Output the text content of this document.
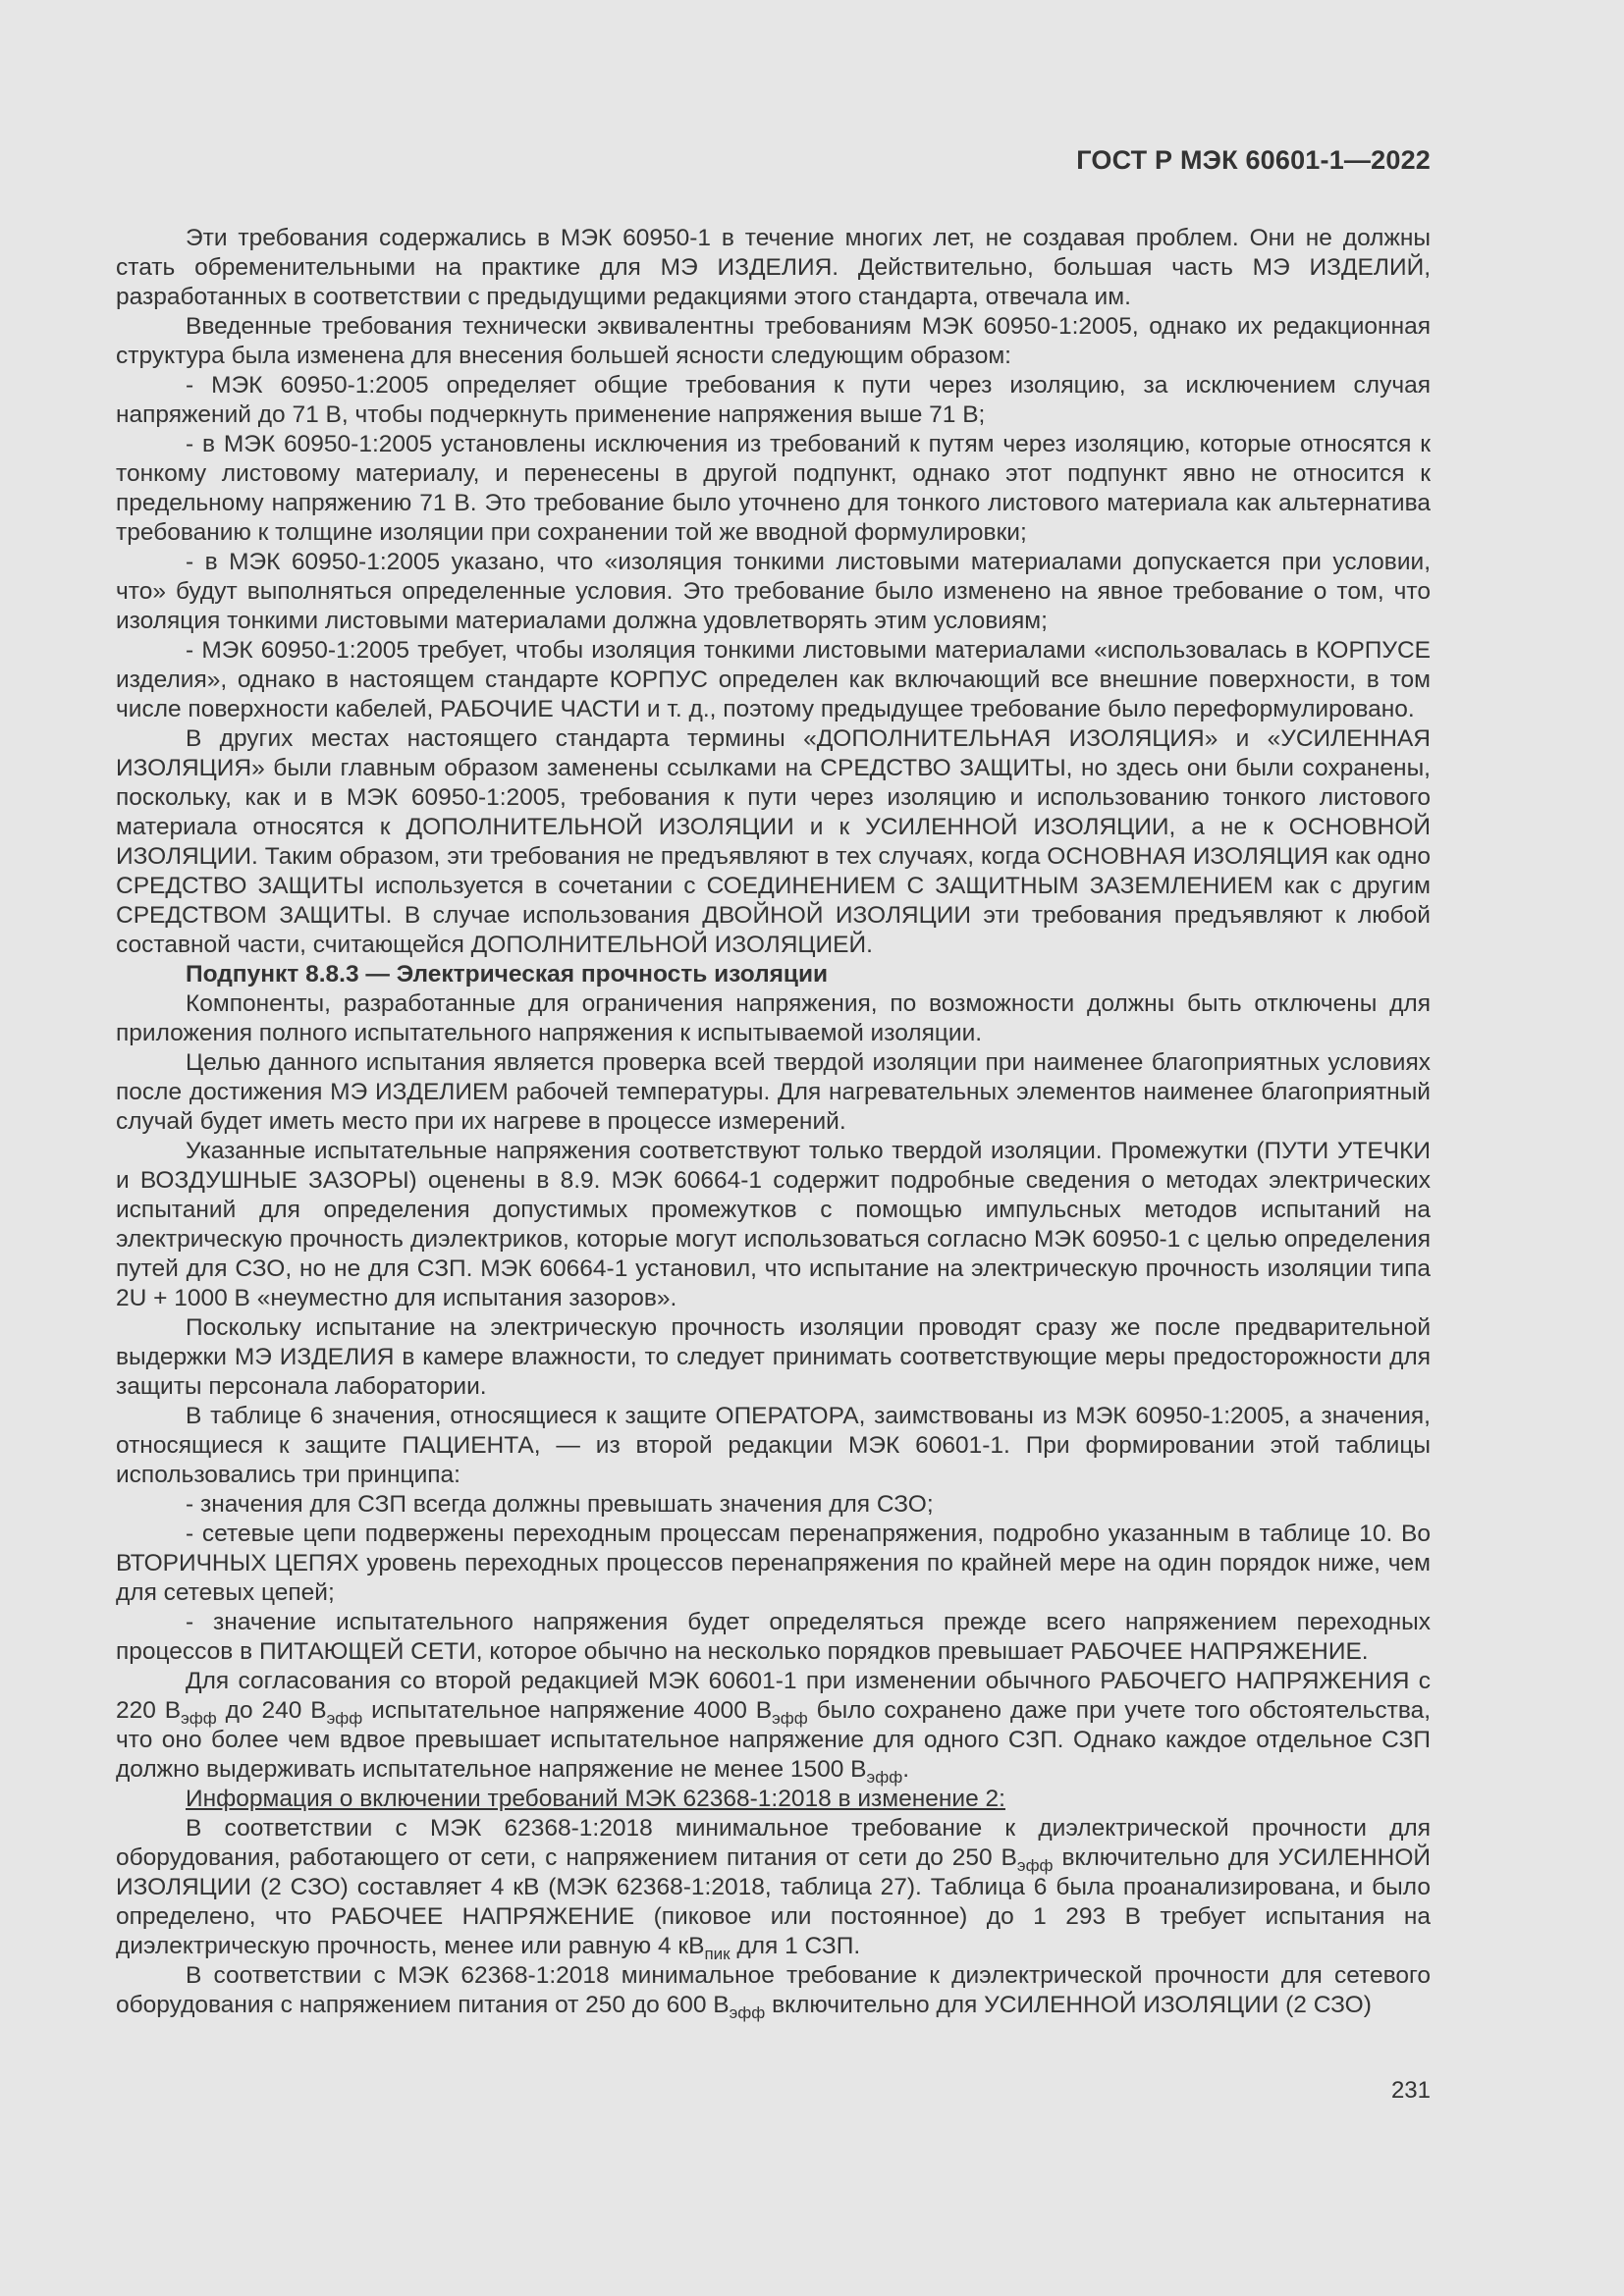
ГОСТ Р МЭК 60601-1—2022

Эти требования содержались в МЭК 60950-1 в течение многих лет, не создавая проблем. Они не должны стать обременительными на практике для МЭ ИЗДЕЛИЯ. Действительно, большая часть МЭ ИЗДЕЛИЙ, разработанных в соответствии с предыдущими редакциями этого стандарта, отвечала им.

Введенные требования технически эквивалентны требованиям МЭК 60950-1:2005, однако их редакционная структура была изменена для внесения большей ясности следующим образом:

- МЭК 60950-1:2005 определяет общие требования к пути через изоляцию, за исключением случая напряжений до 71 В, чтобы подчеркнуть применение напряжения выше 71 В;

- в МЭК 60950-1:2005 установлены исключения из требований к путям через изоляцию, которые относятся к тонкому листовому материалу, и перенесены в другой подпункт, однако этот подпункт явно не относится к предельному напряжению 71 В. Это требование было уточнено для тонкого листового материала как альтернатива требованию к толщине изоляции при сохранении той же вводной формулировки;

- в МЭК 60950-1:2005 указано, что «изоляция тонкими листовыми материалами допускается при условии, что» будут выполняться определенные условия. Это требование было изменено на явное требование о том, что изоляция тонкими листовыми материалами должна удовлетворять этим условиям;

- МЭК 60950-1:2005 требует, чтобы изоляция тонкими листовыми материалами «использовалась в КОРПУСЕ изделия», однако в настоящем стандарте КОРПУС определен как включающий все внешние поверхности, в том числе поверхности кабелей, РАБОЧИЕ ЧАСТИ и т. д., поэтому предыдущее требование было переформулировано.

В других местах настоящего стандарта термины «ДОПОЛНИТЕЛЬНАЯ ИЗОЛЯЦИЯ» и «УСИЛЕННАЯ ИЗОЛЯЦИЯ» были главным образом заменены ссылками на СРЕДСТВО ЗАЩИТЫ, но здесь они были сохранены, поскольку, как и в МЭК 60950-1:2005, требования к пути через изоляцию и использованию тонкого листового материала относятся к ДОПОЛНИТЕЛЬНОЙ ИЗОЛЯЦИИ и к УСИЛЕННОЙ ИЗОЛЯЦИИ, а не к ОСНОВНОЙ ИЗОЛЯЦИИ. Таким образом, эти требования не предъявляют в тех случаях, когда ОСНОВНАЯ ИЗОЛЯЦИЯ как одно СРЕДСТВО ЗАЩИТЫ используется в сочетании с СОЕДИНЕНИЕМ С ЗАЩИТНЫМ ЗАЗЕМЛЕНИЕМ как с другим СРЕДСТВОМ ЗАЩИТЫ. В случае использования ДВОЙНОЙ ИЗОЛЯЦИИ эти требования предъявляют к любой составной части, считающейся ДОПОЛНИТЕЛЬНОЙ ИЗОЛЯЦИЕЙ.

Подпункт 8.8.3 — Электрическая прочность изоляции

Компоненты, разработанные для ограничения напряжения, по возможности должны быть отключены для приложения полного испытательного напряжения к испытываемой изоляции.

Целью данного испытания является проверка всей твердой изоляции при наименее благоприятных условиях после достижения МЭ ИЗДЕЛИЕМ рабочей температуры. Для нагревательных элементов наименее благоприятный случай будет иметь место при их нагреве в процессе измерений.

Указанные испытательные напряжения соответствуют только твердой изоляции. Промежутки (ПУТИ УТЕЧКИ и ВОЗДУШНЫЕ ЗАЗОРЫ) оценены в 8.9. МЭК 60664-1 содержит подробные сведения о методах электрических испытаний для определения допустимых промежутков с помощью импульсных методов испытаний на электрическую прочность диэлектриков, которые могут использоваться согласно МЭК 60950-1 с целью определения путей для СЗО, но не для СЗП. МЭК 60664-1 установил, что испытание на электрическую прочность изоляции типа 2U + 1000 В «неуместно для испытания зазоров».

Поскольку испытание на электрическую прочность изоляции проводят сразу же после предварительной выдержки МЭ ИЗДЕЛИЯ в камере влажности, то следует принимать соответствующие меры предосторожности для защиты персонала лаборатории.

В таблице 6 значения, относящиеся к защите ОПЕРАТОРА, заимствованы из МЭК 60950-1:2005, а значения, относящиеся к защите ПАЦИЕНТА, — из второй редакции МЭК 60601-1. При формировании этой таблицы использовались три принципа:

- значения для СЗП всегда должны превышать значения для СЗО;

- сетевые цепи подвержены переходным процессам перенапряжения, подробно указанным в таблице 10. Во ВТОРИЧНЫХ ЦЕПЯХ уровень переходных процессов перенапряжения по крайней мере на один порядок ниже, чем для сетевых цепей;

- значение испытательного напряжения будет определяться прежде всего напряжением переходных процессов в ПИТАЮЩЕЙ СЕТИ, которое обычно на несколько порядков превышает РАБОЧЕЕ НАПРЯЖЕНИЕ.

Для согласования со второй редакцией МЭК 60601-1 при изменении обычного РАБОЧЕГО НАПРЯЖЕНИЯ с 220 $В_{эфф}$ до 240 $В_{эфф}$ испытательное напряжение 4000 $В_{эфф}$ было сохранено даже при учете того обстоятельства, что оно более чем вдвое превышает испытательное напряжение для одного СЗП. Однако каждое отдельное СЗП должно выдерживать испытательное напряжение не менее 1500 $В_{эфф}$.

Информация о включении требований МЭК 62368-1:2018 в изменение 2:

В соответствии с МЭК 62368-1:2018 минимальное требование к диэлектрической прочности для оборудования, работающего от сети, с напряжением питания от сети до 250 $В_{эфф}$ включительно для УСИЛЕННОЙ ИЗОЛЯЦИИ (2 СЗО) составляет 4 кВ (МЭК 62368-1:2018, таблица 27). Таблица 6 была проанализирована, и было определено, что РАБОЧЕЕ НАПРЯЖЕНИЕ (пиковое или постоянное) до 1 293 В требует испытания на диэлектрическую прочность, менее или равную 4 $кВ_{пик}$ для 1 СЗП.

В соответствии с МЭК 62368-1:2018 минимальное требование к диэлектрической прочности для сетевого оборудования с напряжением питания от 250 до 600 $В_{эфф}$ включительно для УСИЛЕННОЙ ИЗОЛЯЦИИ (2 СЗО)

231
